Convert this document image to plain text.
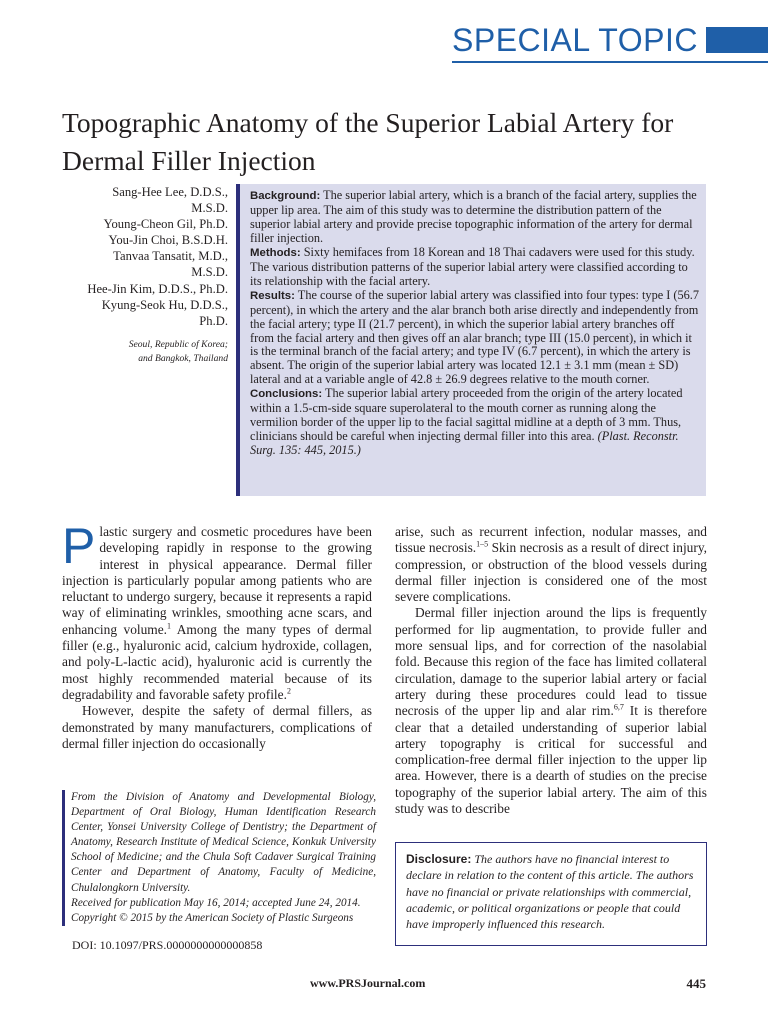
SPECIAL TOPIC
Topographic Anatomy of the Superior Labial Artery for Dermal Filler Injection
Sang-Hee Lee, D.D.S.,
M.S.D.
Young-Cheon Gil, Ph.D.
You-Jin Choi, B.S.D.H.
Tanvaa Tansatit, M.D.,
M.S.D.
Hee-Jin Kim, D.D.S., Ph.D.
Kyung-Seok Hu, D.D.S.,
Ph.D.
Seoul, Republic of Korea;
and Bangkok, Thailand

Background: The superior labial artery, which is a branch of the facial artery, supplies the upper lip area. The aim of this study was to determine the distribution pattern of the superior labial artery and provide precise topographic information of the artery for dermal filler injection.

Methods: Sixty hemifaces from 18 Korean and 18 Thai cadavers were used for this study. The various distribution patterns of the superior labial artery were classified according to its relationship with the facial artery.

Results: The course of the superior labial artery was classified into four types: type I (56.7 percent), in which the artery and the alar branch both arise directly and independently from the facial artery; type II (21.7 percent), in which the superior labial artery branches off from the facial artery and then gives off an alar branch; type III (15.0 percent), in which it is the terminal branch of the facial artery; and type IV (6.7 percent), in which the artery is absent. The origin of the superior labial artery was located 12.1 ± 3.1 mm (mean ± SD) lateral and at a variable angle of 42.8 ± 26.9 degrees relative to the mouth corner.

Conclusions: The superior labial artery proceeded from the origin of the artery located within a 1.5-cm-side square superolateral to the mouth corner as running along the vermilion border of the upper lip to the facial sagittal midline at a depth of 3 mm. Thus, clinicians should be careful when injecting dermal filler into this area. (Plast. Reconstr. Surg. 135: 445, 2015.)

Plastic surgery and cosmetic procedures have been developing rapidly in response to the growing interest in physical appearance. Dermal filler injection is particularly popular among patients who are reluctant to undergo surgery, because it represents a rapid way of eliminating wrinkles, smoothing acne scars, and enhancing volume.$^1$ Among the many types of dermal filler (e.g., hyaluronic acid, calcium hydroxide, collagen, and poly-L-lactic acid), hyaluronic acid is currently the most highly recommended material because of its degradability and favorable safety profile.$^2$

However, despite the safety of dermal fillers, as demonstrated by many manufacturers, complications of dermal filler injection do occasionally

arise, such as recurrent infection, nodular masses, and tissue necrosis.$^{1-5}$ Skin necrosis as a result of direct injury, compression, or obstruction of the blood vessels during dermal filler injection is considered one of the most severe complications.

Dermal filler injection around the lips is frequently performed for lip augmentation, to provide fuller and more sensual lips, and for correction of the nasolabial fold. Because this region of the face has limited collateral circulation, damage to the superior labial artery or facial artery during these procedures could lead to tissue necrosis of the upper lip and alar rim.$^{6,7}$ It is therefore clear that a detailed understanding of superior labial artery topography is critical for successful and complication-free dermal filler injection to the upper lip area. However, there is a dearth of studies on the precise topography of the superior labial artery. The aim of this study was to describe

From the Division of Anatomy and Developmental Biology, Department of Oral Biology, Human Identification Research Center, Yonsei University College of Dentistry; the Department of Anatomy, Research Institute of Medical Science, Konkuk University School of Medicine; and the Chula Soft Cadaver Surgical Training Center and Department of Anatomy, Faculty of Medicine, Chulalongkorn University.
Received for publication May 16, 2014; accepted June 24, 2014.
Copyright © 2015 by the American Society of Plastic Surgeons
DOI: 10.1097/PRS.0000000000000858
Disclosure: The authors have no financial interest to declare in relation to the content of this article. The authors have no financial or private relationships with commercial, academic, or political organizations or people that could have improperly influenced this research.
www.PRSJournal.com	445
